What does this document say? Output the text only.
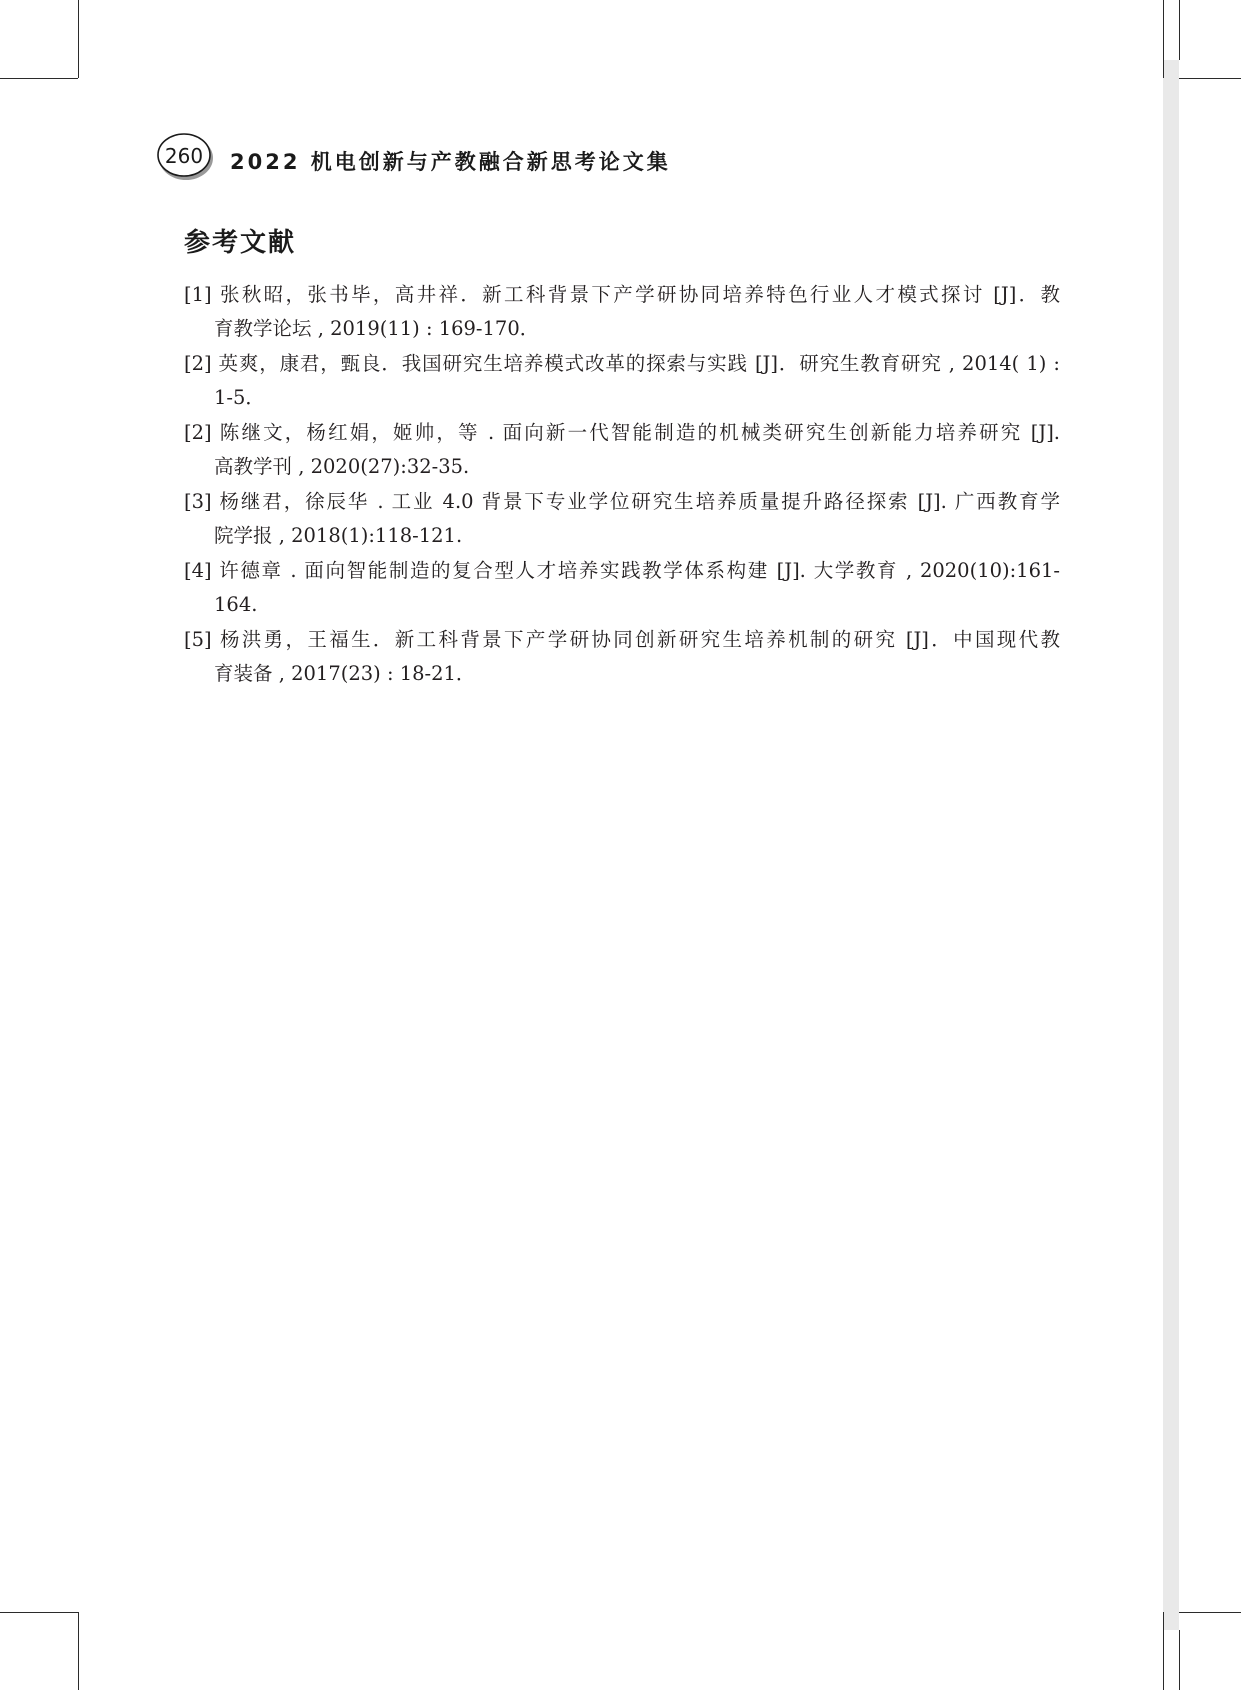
260	2022 机电创新与产教融合新思考论文集
参考文献
[1] 张秋昭，张书毕，高井祥．新工科背景下产学研协同培养特色行业人才模式探讨 [J]．教
育教学论坛 , 2019(11) : 169-170．
[2] 英爽，康君，甄良．我国研究生培养模式改革的探索与实践 [J]．研究生教育研究 , 2014( 1) :
1-5．
[2] 陈继文，杨红娟，姬帅，等 . 面向新一代智能制造的机械类研究生创新能力培养研究 [J].
高教学刊 , 2020(27):32-35.
[3] 杨继君，徐辰华 . 工业 4.0 背景下专业学位研究生培养质量提升路径探索 [J]. 广西教育学
院学报 , 2018(1):118-121.
[4] 许德章 . 面向智能制造的复合型人才培养实践教学体系构建 [J]. 大学教育 , 2020(10):161-
164.
[5] 杨洪勇，王福生．新工科背景下产学研协同创新研究生培养机制的研究 [J]．中国现代教
育装备 , 2017(23) : 18-21．
